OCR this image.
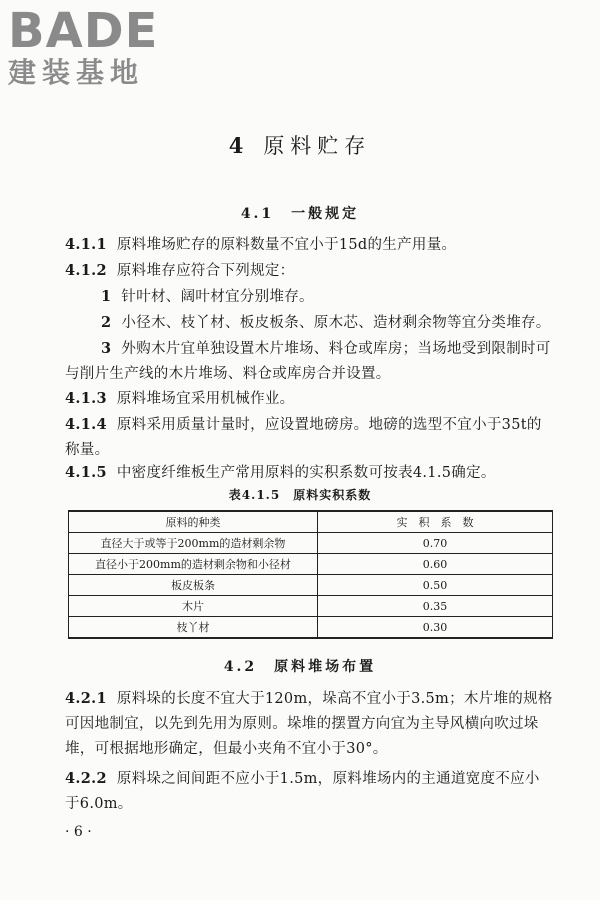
BADE
建装基地
4 原料贮存
4.1　一般规定
4.1.1 原料堆场贮存的原料数量不宜小于15d的生产用量。
4.1.2 原料堆存应符合下列规定：
1 针叶材、阔叶材宜分别堆存。
2 小径木、枝丫材、板皮板条、原木芯、造材剩余物等宜分类堆存。
3 外购木片宜单独设置木片堆场、料仓或库房；当场地受到限制时可与削片生产线的木片堆场、料仓或库房合并设置。
4.1.3 原料堆场宜采用机械作业。
4.1.4 原料采用质量计量时，应设置地磅房。地磅的选型不宜小于35t的称量。
4.1.5 中密度纤维板生产常用原料的实积系数可按表4.1.5确定。
表4.1.5　原料实积系数
原料的种类	实　积　系　数
直径大于或等于200mm的造材剩余物	0.70
直径小于200mm的造材剩余物和小径材	0.60
板皮板条	0.50
木片	0.35
枝丫材	0.30
4.2　原料堆场布置
4.2.1 原料垛的长度不宜大于120m，垛高不宜小于3.5m；木片堆的规格可因地制宜，以先到先用为原则。垛堆的摆置方向宜为主导风横向吹过垛堆，可根据地形确定，但最小夹角不宜小于30°。
4.2.2 原料垛之间间距不应小于1.5m，原料堆场内的主通道宽度不应小于6.0m。
· 6 ·
